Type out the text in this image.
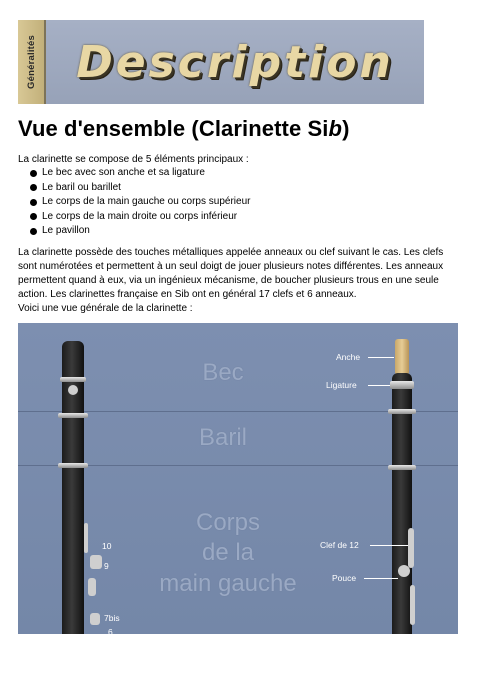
Généralités Description
Vue d'ensemble (Clarinette Sib)
La clarinette se compose de 5 éléments principaux :
Le bec avec son anche et sa ligature
Le baril ou barillet
Le corps de la main gauche ou corps supérieur
Le corps de la main droite ou corps inférieur
Le pavillon
La clarinette possède des touches métalliques appelée anneaux ou clef suivant le cas. Les clefs sont numérotées et permettent à un seul doigt de jouer plusieurs notes différentes. Les anneaux permettent quand à eux, via un ingénieux mécanisme, de boucher plusieurs trous en une seule action. Les clarinettes française en Sib ont en général 17 clefs et 6 anneaux.
Voici une vue générale de la clarinette :
Bec
Baril
Corps
de la
main gauche
10
9
7bis
6
Anche
Ligature
Clef de 12
Pouce
